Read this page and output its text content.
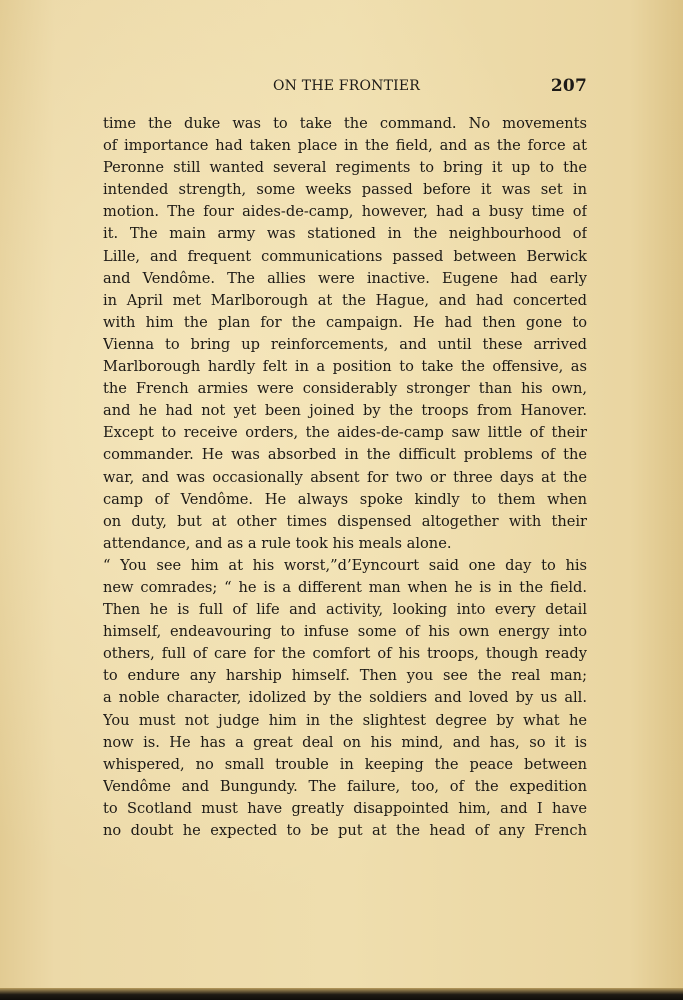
ON THE FRONTIER	207
time the duke was to take the command. No movements
of importance had taken place in the field, and as the force at
Peronne still wanted several regiments to bring it up to the
intended strength, some weeks passed before it was set in
motion. The four aides-de-camp, however, had a busy time of
it. The main army was stationed in the neighbourhood of
Lille, and frequent communications passed between Berwick
and Vendôme. The allies were inactive. Eugene had early
in April met Marlborough at the Hague, and had concerted
with him the plan for the campaign. He had then gone to
Vienna to bring up reinforcements, and until these arrived
Marlborough hardly felt in a position to take the offensive, as
the French armies were considerably stronger than his own,
and he had not yet been joined by the troops from Hanover.
Except to receive orders, the aides-de-camp saw little of their
commander. He was absorbed in the difficult problems of the
war, and was occasionally absent for two or three days at the
camp of Vendôme. He always spoke kindly to them when
on duty, but at other times dispensed altogether with their
attendance, and as a rule took his meals alone.
“ You see him at his worst,”d’Eyncourt said one day to his
new comrades; “ he is a different man when he is in the field.
Then he is full of life and activity, looking into every detail
himself, endeavouring to infuse some of his own energy into
others, full of care for the comfort of his troops, though ready
to endure any harship himself. Then you see the real man;
a noble character, idolized by the soldiers and loved by us all.
You must not judge him in the slightest degree by what he
now is. He has a great deal on his mind, and has, so it is
whispered, no small trouble in keeping the peace between
Vendôme and Bungundy. The failure, too, of the expedition
to Scotland must have greatly disappointed him, and I have
no doubt he expected to be put at the head of any French
